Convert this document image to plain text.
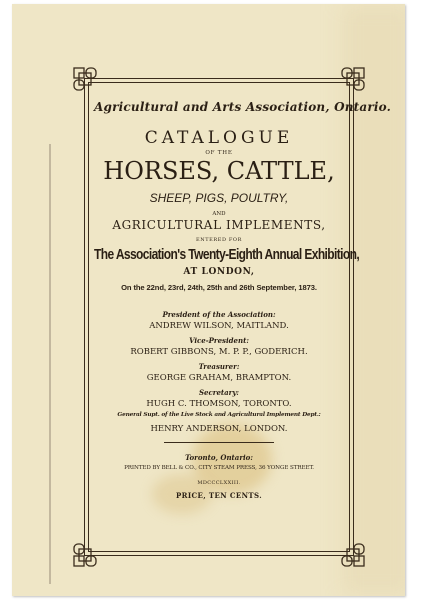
Agricultural and Arts Association, Ontario.
CATALOGUE
OF THE
HORSES, CATTLE,
SHEEP, PIGS, POULTRY,
AND
AGRICULTURAL IMPLEMENTS,
ENTERED FOR
The Association's Twenty-Eighth Annual Exhibition,
AT LONDON,
On the 22nd, 23rd, 24th, 25th and 26th September, 1873.
President of the Association:
ANDREW WILSON, MAITLAND.
Vice-President:
ROBERT GIBBONS, M. P. P., GODERICH.
Treasurer:
GEORGE GRAHAM, BRAMPTON.
Secretary:
HUGH C. THOMSON, TORONTO.
General Supt. of the Live Stock and Agricultural Implement Dept.:
HENRY ANDERSON, LONDON.
Toronto, Ontario:
PRINTED BY BELL & CO., CITY STEAM PRESS, 36 YONGE STREET.
MDCCCLXXIII.
PRICE, TEN CENTS.
